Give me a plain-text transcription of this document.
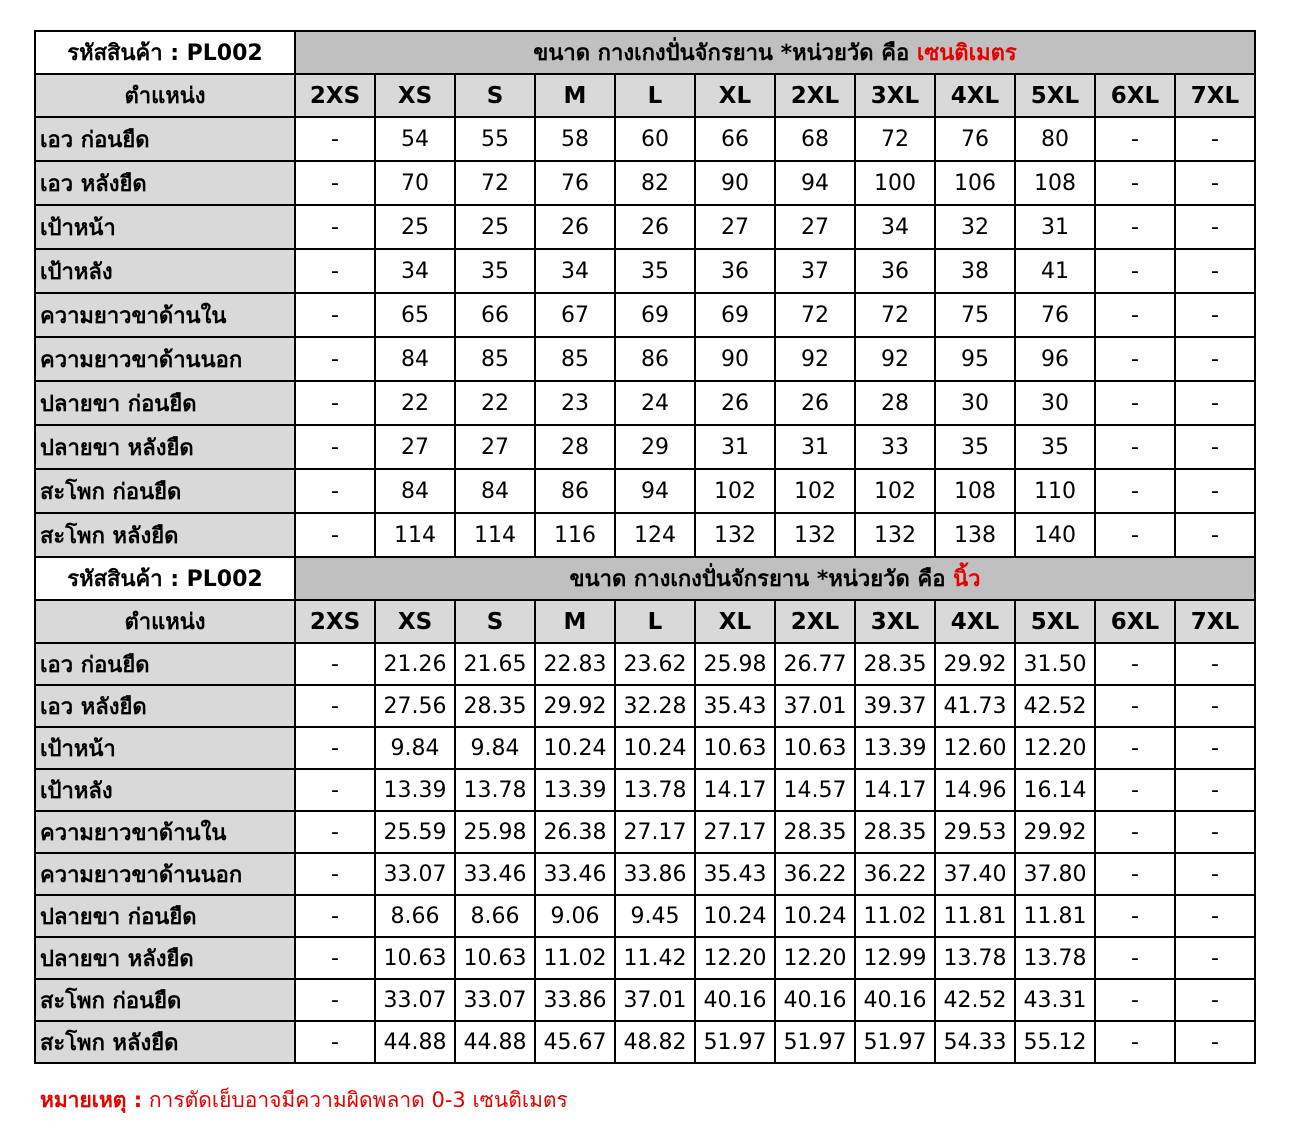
รหัสสินค้า : PL002	ขนาด กางเกงปั่นจักรยาน *หน่วยวัด คือ เซนติเมตร											
ตำแหน่ง	2XS	XS	S	M	L	XL	2XL	3XL	4XL	5XL	6XL	7XL
เอว ก่อนยืด	-	54	55	58	60	66	68	72	76	80	-	-
เอว หลังยืด	-	70	72	76	82	90	94	100	106	108	-	-
เป้าหน้า	-	25	25	26	26	27	27	34	32	31	-	-
เป้าหลัง	-	34	35	34	35	36	37	36	38	41	-	-
ความยาวขาด้านใน	-	65	66	67	69	69	72	72	75	76	-	-
ความยาวขาด้านนอก	-	84	85	85	86	90	92	92	95	96	-	-
ปลายขา ก่อนยืด	-	22	22	23	24	26	26	28	30	30	-	-
ปลายขา หลังยืด	-	27	27	28	29	31	31	33	35	35	-	-
สะโพก ก่อนยืด	-	84	84	86	94	102	102	102	108	110	-	-
สะโพก หลังยืด	-	114	114	116	124	132	132	132	138	140	-	-
รหัสสินค้า : PL002	ขนาด กางเกงปั่นจักรยาน *หน่วยวัด คือ นิ้ว											
ตำแหน่ง	2XS	XS	S	M	L	XL	2XL	3XL	4XL	5XL	6XL	7XL
เอว ก่อนยืด	-	21.26	21.65	22.83	23.62	25.98	26.77	28.35	29.92	31.50	-	-
เอว หลังยืด	-	27.56	28.35	29.92	32.28	35.43	37.01	39.37	41.73	42.52	-	-
เป้าหน้า	-	9.84	9.84	10.24	10.24	10.63	10.63	13.39	12.60	12.20	-	-
เป้าหลัง	-	13.39	13.78	13.39	13.78	14.17	14.57	14.17	14.96	16.14	-	-
ความยาวขาด้านใน	-	25.59	25.98	26.38	27.17	27.17	28.35	28.35	29.53	29.92	-	-
ความยาวขาด้านนอก	-	33.07	33.46	33.46	33.86	35.43	36.22	36.22	37.40	37.80	-	-
ปลายขา ก่อนยืด	-	8.66	8.66	9.06	9.45	10.24	10.24	11.02	11.81	11.81	-	-
ปลายขา หลังยืด	-	10.63	10.63	11.02	11.42	12.20	12.20	12.99	13.78	13.78	-	-
สะโพก ก่อนยืด	-	33.07	33.07	33.86	37.01	40.16	40.16	40.16	42.52	43.31	-	-
สะโพก หลังยืด	-	44.88	44.88	45.67	48.82	51.97	51.97	51.97	54.33	55.12	-	-
หมายเหตุ : การตัดเย็บอาจมีความผิดพลาด 0-3 เซนติเมตร
